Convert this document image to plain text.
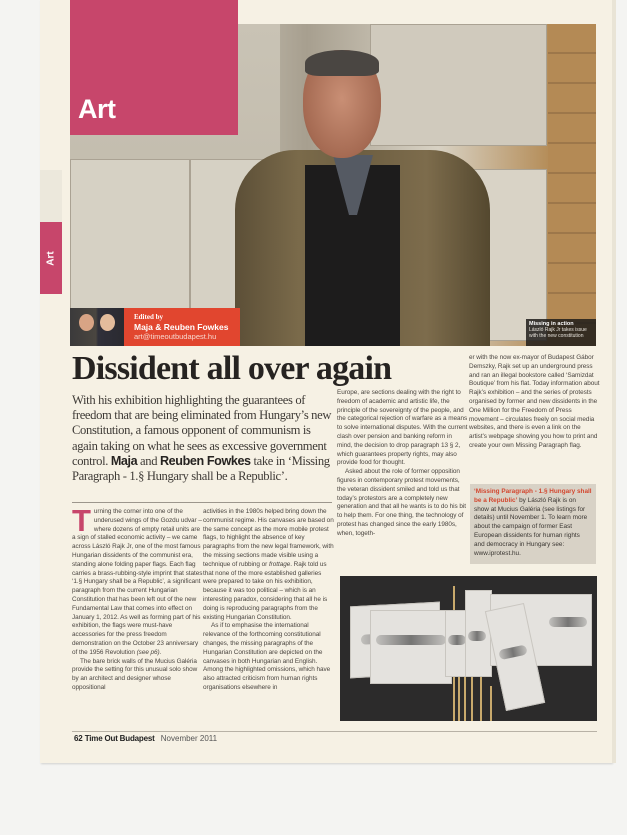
Art
Missing in action
László Rajk Jr takes issue with the new constitution
Art
Edited by
Maja & Reuben Fowkes
art@timeoutbudapest.hu
Dissident all over again
With his exhibition highlighting the guarantees of freedom that are being eliminated from Hungary’s new Constitution, a famous opponent of communism is again taking on what he sees as excessive government control. Maja and Reuben Fowkes take in ‘Missing Paragraph - 1.§ Hungary shall be a Republic’.

Turning the corner into one of the underused wings of the Gozdu udvar – where dozens of empty retail units are a sign of stalled economic activity – we came across László Rajk Jr, one of the most famous Hungarian dissidents of the communist era, standing alone folding paper flags. Each flag carries a brass-rubbing-style imprint that states ‘1.§ Hungary shall be a Republic’, a significant paragraph from the current Hungarian Constitution that has been left out of the new Fundamental Law that comes into effect on January 1, 2012. As well as forming part of his exhibition, the flags were must-have accessories for the press freedom demonstration on the October 23 anniversary of the 1956 Revolution (see p6).

The bare brick walls of the Mucius Galéria provide the setting for this unusual solo show by an architect and designer whose oppositional

activities in the 1980s helped bring down the communist regime. His canvases are based on the same concept as the more mobile protest flags, to highlight the absence of key paragraphs from the new legal framework, with the missing sections made visible using a technique of rubbing or frottage. Rajk told us that none of the more established galleries were prepared to take on his exhibition, because it was too political – which is an interesting paradox, considering that all he is doing is reproducing paragraphs from the existing Hungarian Constitution.

As if to emphasise the international relevance of the forthcoming constitutional changes, the missing paragraphs of the Hungarian Constitution are depicted on the canvases in both Hungarian and English. Among the highlighted omissions, which have also attracted criticism from human rights organisations elsewhere in

Europe, are sections dealing with the right to freedom of academic and artistic life, the principle of the sovereignty of the people, and the categorical rejection of warfare as a means to solve international disputes. With the current clash over pension and banking reform in mind, the decision to drop paragraph 13 § 2, which guarantees property rights, may also provide food for thought.

Asked about the role of former opposition figures in contemporary protest movements, the veteran dissident smiled and told us that today’s protestors are a completely new generation and that all he wants is to do his bit to help them. For one thing, the technology of protest has changed since the early 1980s, when, togeth-

er with the now ex-mayor of Budapest Gábor Demszky, Rajk set up an underground press and ran an illegal bookstore called ‘Samizdat Boutique’ from his flat. Today information about Rajk’s exhibition – and the series of protests organised by former and new dissidents in the One Million for the Freedom of Press movement – circulates freely on social media websites, and there is even a link on the artist’s webpage showing you how to print and create your own Missing Paragraph flag.

‘Missing Paragraph - 1.§ Hungary shall be a Republic’ by László Rajk is on show at Mucius Galéria (see listings for details) until November 1. To learn more about the campaign of former East European dissidents for human rights and democracy in Hungary see: www.iprotest.hu.
62 Time Out Budapest November 2011
